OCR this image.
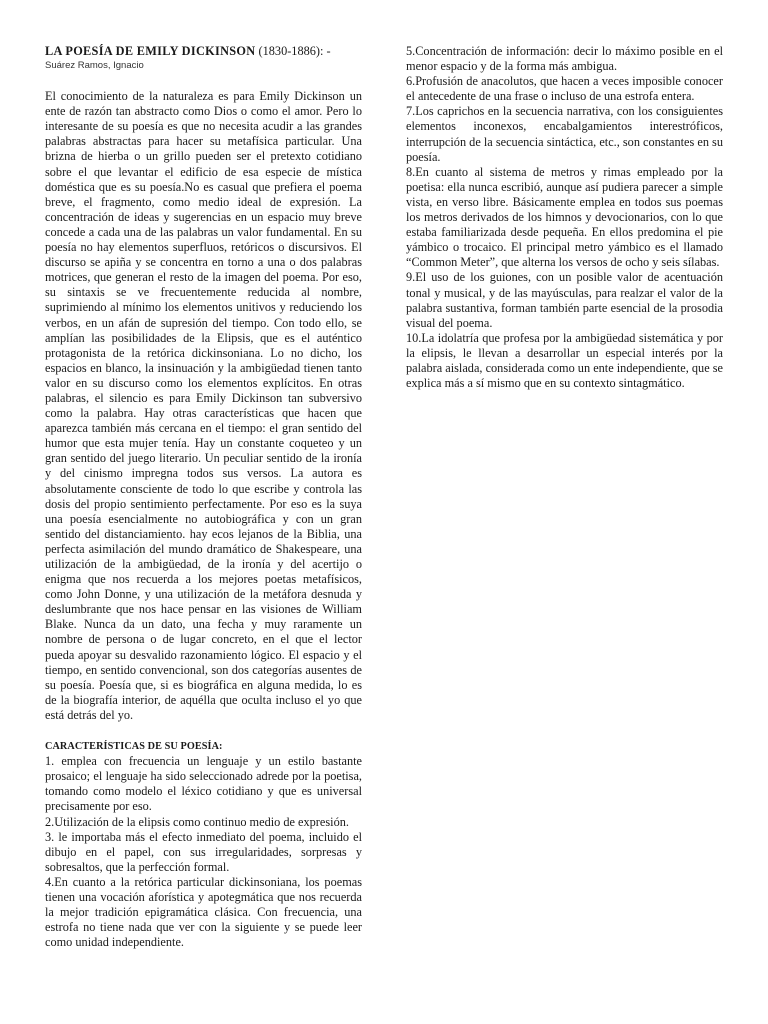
LA POESÍA DE EMILY DICKINSON (1830-1886): -

Suárez Ramos, Ignacio

El conocimiento de la naturaleza es para Emily Dickinson un ente de razón tan abstracto como Dios o como el amor. Pero lo interesante de su poesía es que no necesita acudir a las grandes palabras abstractas para hacer su metafísica particular. Una brizna de hierba o un grillo pueden ser el pretexto cotidiano sobre el que levantar el edificio de esa especie de mística doméstica que es su poesía.No es casual que prefiera el poema breve, el fragmento, como medio ideal de expresión. La concentración de ideas y sugerencias en un espacio muy breve concede a cada una de las palabras un valor fundamental. En su poesía no hay elementos superfluos, retóricos o discursivos. El discurso se apiña y se concentra en torno a una o dos palabras motrices, que generan el resto de la imagen del poema. Por eso, su sintaxis se ve frecuentemente reducida al nombre, suprimiendo al mínimo los elementos unitivos y reduciendo los verbos, en un afán de supresión del tiempo. Con todo ello, se amplían las posibilidades de la Elipsis, que es el auténtico protagonista de la retórica dickinsoniana. Lo no dicho, los espacios en blanco, la insinuación y la ambigüedad tienen tanto valor en su discurso como los elementos explícitos. En otras palabras, el silencio es para Emily Dickinson tan subversivo como la palabra. Hay otras características que hacen que aparezca también más cercana en el tiempo: el gran sentido del humor que esta mujer tenía. Hay un constante coqueteo y un gran sentido del juego literario. Un peculiar sentido de la ironía y del cinismo impregna todos sus versos. La autora es absolutamente consciente de todo lo que escribe y controla las dosis del propio sentimiento perfectamente. Por eso es la suya una poesía esencialmente no autobiográfica y con un gran sentido del distanciamiento. hay ecos lejanos de la Biblia, una perfecta asimilación del mundo dramático de Shakespeare, una utilización de la ambigüedad, de la ironía y del acertijo o enigma que nos recuerda a los mejores poetas metafísicos, como John Donne, y una utilización de la metáfora desnuda y deslumbrante que nos hace pensar en las visiones de William Blake. Nunca da un dato, una fecha y muy raramente un nombre de persona o de lugar concreto, en el que el lector pueda apoyar su desvalido razonamiento lógico. El espacio y el tiempo, en sentido convencional, son dos categorías ausentes de su poesía. Poesía que, si es biográfica en alguna medida, lo es de la biografía interior, de aquélla que oculta incluso el yo que está detrás del yo.

CARACTERÍSTICAS DE SU POESÍA:

1. emplea con frecuencia un lenguaje y un estilo bastante prosaico; el lenguaje ha sido seleccionado adrede por la poetisa, tomando como modelo el léxico cotidiano y que es universal precisamente por eso.

2.Utilización de la elipsis como continuo medio de expresión.

3. le importaba más el efecto inmediato del poema, incluido el dibujo en el papel, con sus irregularidades, sorpresas y sobresaltos, que la perfección formal.

4.En cuanto a la retórica particular dickinsoniana, los poemas tienen una vocación aforística y apotegmática que nos recuerda la mejor tradición epigramática clásica. Con frecuencia, una estrofa no tiene nada que ver con la siguiente y se puede leer como unidad independiente.

5.Concentración de información: decir lo máximo posible en el menor espacio y de la forma más ambigua.

6.Profusión de anacolutos, que hacen a veces imposible conocer el antecedente de una frase o incluso de una estrofa entera.

7.Los caprichos en la secuencia narrativa, con los consiguientes elementos inconexos, encabalgamientos interestróficos, interrupción de la secuencia sintáctica, etc., son constantes en su poesía.

8.En cuanto al sistema de metros y rimas empleado por la poetisa: ella nunca escribió, aunque así pudiera parecer a simple vista, en verso libre. Básicamente emplea en todos sus poemas los metros derivados de los himnos y devocionarios, con lo que estaba familiarizada desde pequeña. En ellos predomina el pie yámbico o trocaico. El principal metro yámbico es el llamado “Common Meter”, que alterna los versos de ocho y seis sílabas.

9.El uso de los guiones, con un posible valor de acentuación tonal y musical, y de las mayúsculas, para realzar el valor de la palabra sustantiva, forman también parte esencial de la prosodia visual del poema.

10.La idolatría que profesa por la ambigüedad sistemática y por la elipsis, le llevan a desarrollar un especial interés por la palabra aislada, considerada como un ente independiente, que se explica más a sí mismo que en su contexto sintagmático.
